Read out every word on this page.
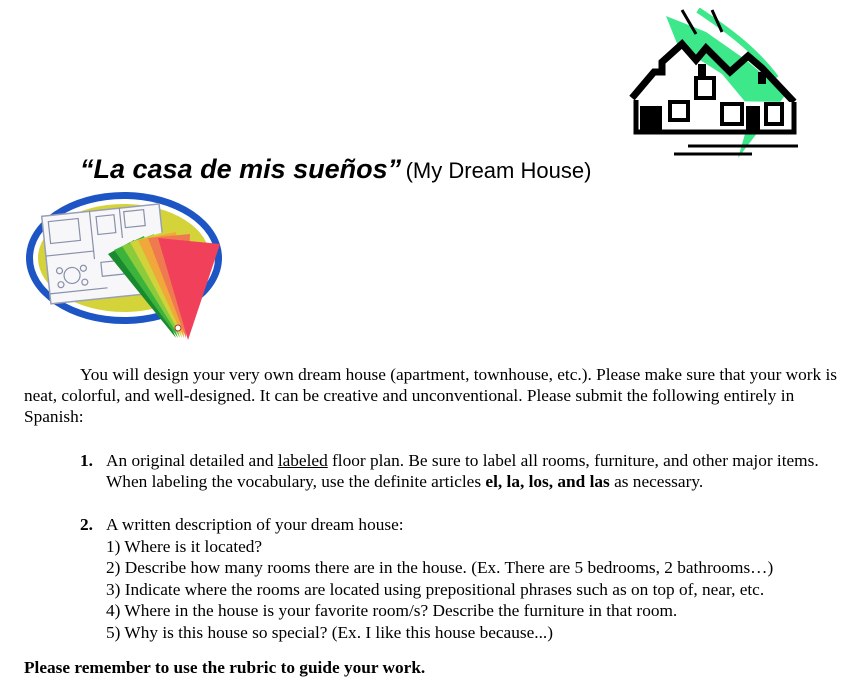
“La casa de mis sueños” (My Dream House)
You will design your very own dream house (apartment, townhouse, etc.). Please make sure that your work is neat, colorful, and well-designed. It can be creative and unconventional. Please submit the following entirely in Spanish:
1. An original detailed and labeled floor plan. Be sure to label all rooms, furniture, and other major items. When labeling the vocabulary, use the definite articles el, la, los, and las as necessary.
2. A written description of your dream house:
1) Where is it located?
2) Describe how many rooms there are in the house. (Ex. There are 5 bedrooms, 2 bathrooms…)
3) Indicate where the rooms are located using prepositional phrases such as on top of, near, etc.
4) Where in the house is your favorite room/s? Describe the furniture in that room.
5) Why is this house so special? (Ex. I like this house because...)
Please remember to use the rubric to guide your work.
